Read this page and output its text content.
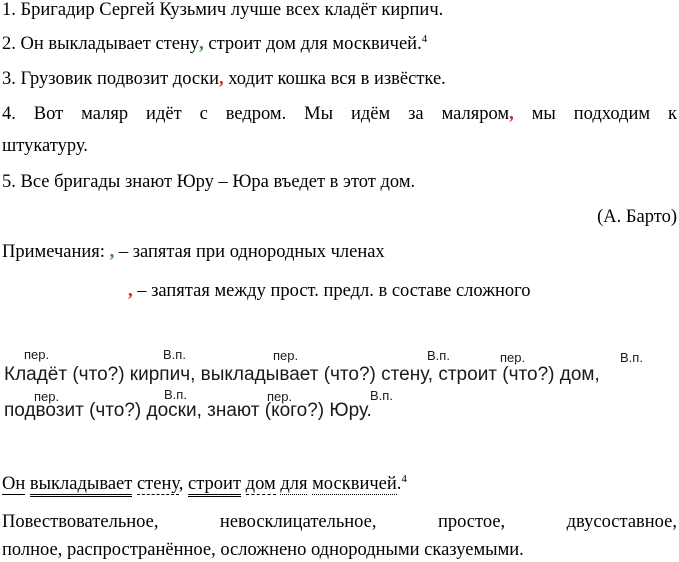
1. Бригадир Сергей Кузьмич лучше всех кладёт кирпич.
2. Он выкладывает стену, строит дом для москвичей.$^4$
3. Грузовик подвозит доски, ходит кошка вся в извёстке.
4. Вот маляр идёт с ведром. Мы идём за маляром, мы подходим к
штукатуру.
5. Все бригады знают Юру – Юра въедет в этот дом.
(А. Барто)
Примечания: , – запятая при однородных членах
, – запятая между прост. предл. в составе сложного
пер.	В.п.	пер.	В.п.	пер.	В.п.
Кладёт (что?) кирпич, выкладывает (что?) стену, строит (что?) дом,
пер.	В.п.	пер.	В.п.
подвозит (что?) доски, знают (кого?) Юру.
Он выкладывает стену, строит дом для москвичей.$^4$
Повествовательное, невосклицательное, простое, двусоставное,
полное, распространённое, осложнено однородными сказуемыми.
